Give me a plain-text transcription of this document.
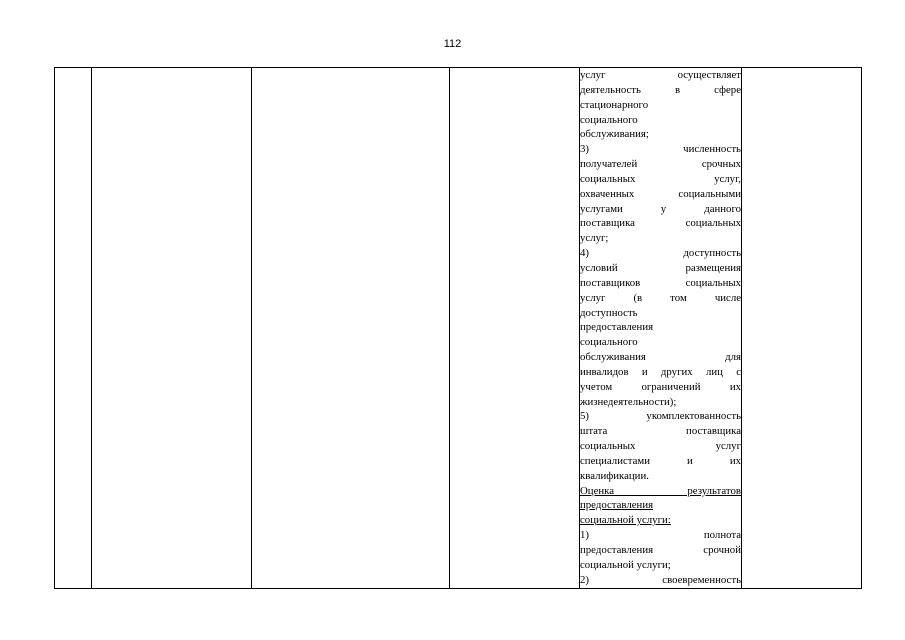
112

услуг осуществляет
деятельность в сфере
стационарного
социального
обслуживания;
3) численность
получателей срочных
социальных услуг,
охваченных социальными
услугами у данного
поставщика социальных
услуг;
4) доступность
условий размещения
поставщиков социальных
услуг (в том числе
доступность
предоставления
социального
обслуживания для
инвалидов и других лиц с
учетом ограничений их
жизнедеятельности);
5) укомплектованность
штата поставщика
социальных услуг
специалистами и их
квалификации.
Оценка результатов
предоставления
социальной услуги:
1) полнота
предоставления срочной
социальной услуги;
2) своевременность
